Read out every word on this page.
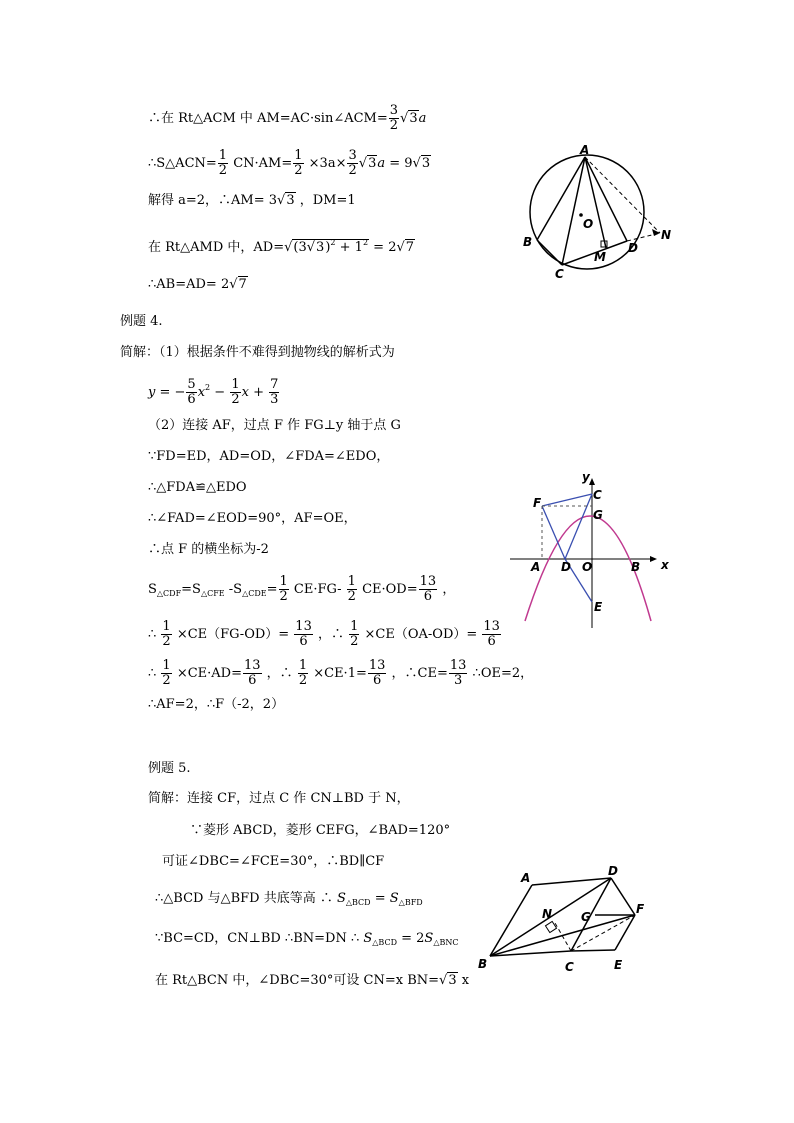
∴在 Rt△ACM 中 AM=AC·sin∠ACM= $\frac{3}{2} √3a$
∴S△ACN= $\frac{1}{2} CN\cdot AM= \frac{1}{2} \times 3a\times \frac{3}{2} √3a = 9√3$
解得 a=2，∴AM= 3√3 ，DM=1
在 Rt△AMD 中，$AD=√(3√3)^2 + 1^2 = 2√7$
∴AB=AD= 2√7
例题 4.
简解：（1）根据条件不难得到抛物线的解析式为
y = − $\frac{5}{6} x^2 - \frac{1}{2}$ $x + \frac{7}{3}$
（2）连接 AF，过点 F 作 FG⊥y 轴于点 G
∵FD=ED，AD=OD，∠FDA=∠EDO，
∴△FDA≌△EDO
∴∠FAD=∠EOD=90°，AF=OE，
∴点 F 的横坐标为-2
$S_{\triangle CDF}=S_{\triangle CFE}$ $-S_{\triangle CDE}= \frac{1}{2} CE\cdot FG- \frac{1}{2} CE\cdot OD= \frac{13}{6}$ ，
∴ $\frac{1}{2} \times CE(FG-OD)= \frac{13}{6}$ ，∴ $\frac{1}{2} \times CE(OA-OD)= \frac{13}{6}$
∴ $\frac{1}{2} \times CE\cdot AD= \frac{13}{6}$ ，∴ $\frac{1}{2} \times CE\cdot 1= \frac{13}{6}$ ，∴CE= $\frac{13}{3}$ ∴OE=2，
∴AF=2，∴F（-2，2）
例题 5.
简解：连接 CF，过点 C 作 CN⊥BD 于 N，
∵菱形 ABCD，菱形 CEFG，∠BAD=120°
可证∠DBC=∠FCE=30°，∴BD∥CF
∴△BCD 与△BFD 共底等高 ∴ $S_{\triangle BCD} = S_{\triangle BFD}$
∵BC=CD，CN⊥BD ∴BN=DN ∴ $S_{\triangle BCD} = 2S_{\triangle BNC}$
在 Rt△BCN 中，∠DBC=30°可设 CN=x BN=√3 x
A
B
C
D
M
N
O
F
C
G
y
A D O	B x
E
A	D
N G
F
B	C	E
